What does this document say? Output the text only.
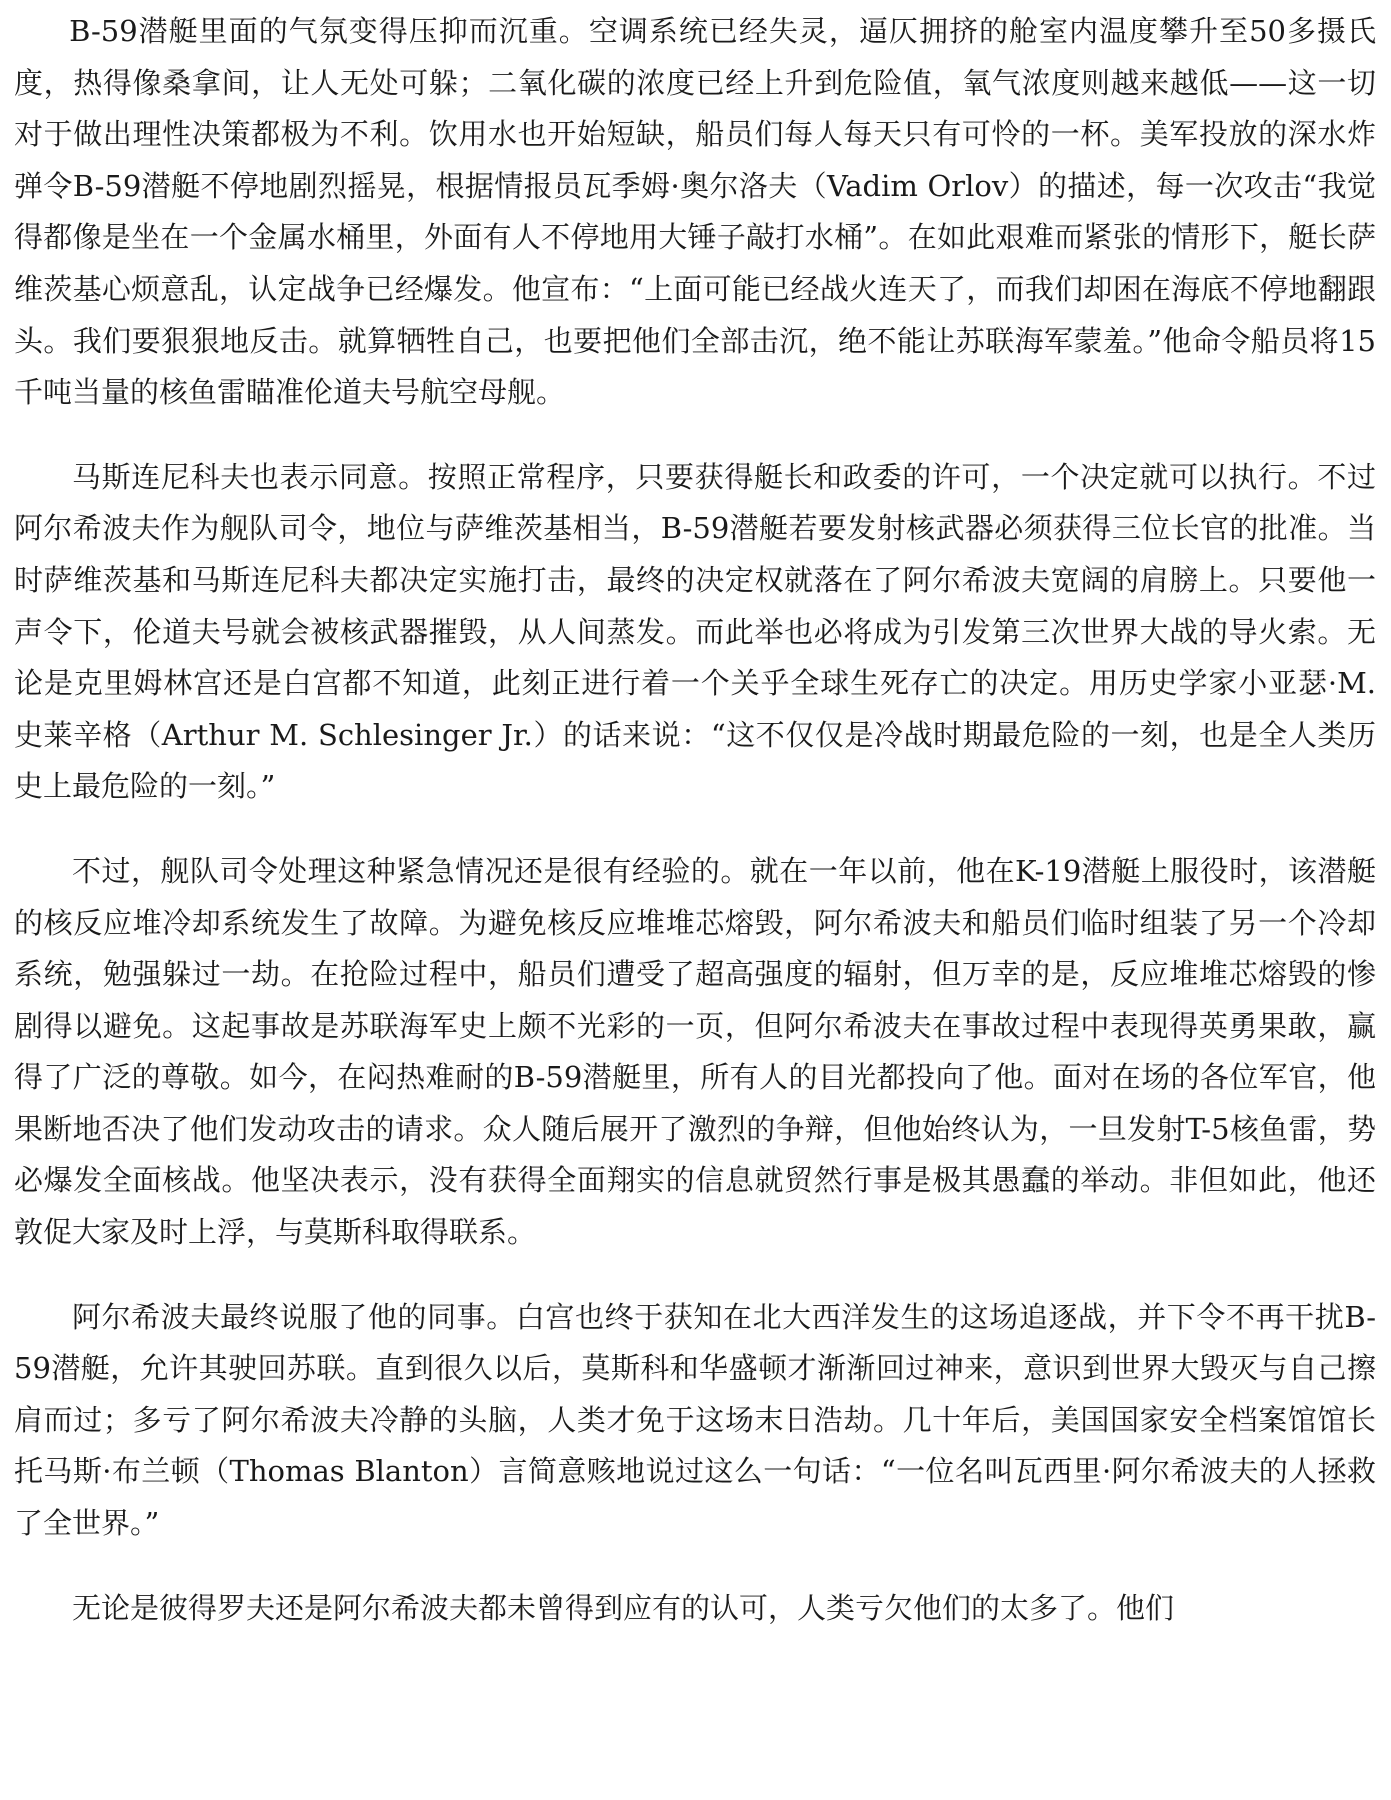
B-59潜艇里面的气氛变得压抑而沉重。空调系统已经失灵，逼仄拥挤的舱室内温度攀升至50多摄氏度，热得像桑拿间，让人无处可躲；二氧化碳的浓度已经上升到危险值，氧气浓度则越来越低——这一切对于做出理性决策都极为不利。饮用水也开始短缺，船员们每人每天只有可怜的一杯。美军投放的深水炸弹令B-59潜艇不停地剧烈摇晃，根据情报员瓦季姆·奥尔洛夫（Vadim Orlov）的描述，每一次攻击“我觉得都像是坐在一个金属水桶里，外面有人不停地用大锤子敲打水桶”。在如此艰难而紧张的情形下，艇长萨维茨基心烦意乱，认定战争已经爆发。他宣布：“上面可能已经战火连天了，而我们却困在海底不停地翻跟头。我们要狠狠地反击。就算牺牲自己，也要把他们全部击沉，绝不能让苏联海军蒙羞。”他命令船员将15千吨当量的核鱼雷瞄准伦道夫号航空母舰。

马斯连尼科夫也表示同意。按照正常程序，只要获得艇长和政委的许可，一个决定就可以执行。不过阿尔希波夫作为舰队司令，地位与萨维茨基相当，B-59潜艇若要发射核武器必须获得三位长官的批准。当时萨维茨基和马斯连尼科夫都决定实施打击，最终的决定权就落在了阿尔希波夫宽阔的肩膀上。只要他一声令下，伦道夫号就会被核武器摧毁，从人间蒸发。而此举也必将成为引发第三次世界大战的导火索。无论是克里姆林宫还是白宫都不知道，此刻正进行着一个关乎全球生死存亡的决定。用历史学家小亚瑟·M. 史莱辛格（Arthur M. Schlesinger Jr.）的话来说：“这不仅仅是冷战时期最危险的一刻，也是全人类历史上最危险的一刻。”

不过，舰队司令处理这种紧急情况还是很有经验的。就在一年以前，他在K-19潜艇上服役时，该潜艇的核反应堆冷却系统发生了故障。为避免核反应堆堆芯熔毁，阿尔希波夫和船员们临时组装了另一个冷却系统，勉强躲过一劫。在抢险过程中，船员们遭受了超高强度的辐射，但万幸的是，反应堆堆芯熔毁的惨剧得以避免。这起事故是苏联海军史上颇不光彩的一页，但阿尔希波夫在事故过程中表现得英勇果敢，赢得了广泛的尊敬。如今，在闷热难耐的B-59潜艇里，所有人的目光都投向了他。面对在场的各位军官，他果断地否决了他们发动攻击的请求。众人随后展开了激烈的争辩，但他始终认为，一旦发射T-5核鱼雷，势必爆发全面核战。他坚决表示，没有获得全面翔实的信息就贸然行事是极其愚蠢的举动。非但如此，他还敦促大家及时上浮，与莫斯科取得联系。

阿尔希波夫最终说服了他的同事。白宫也终于获知在北大西洋发生的这场追逐战，并下令不再干扰B-59潜艇，允许其驶回苏联。直到很久以后，莫斯科和华盛顿才渐渐回过神来，意识到世界大毁灭与自己擦肩而过；多亏了阿尔希波夫冷静的头脑，人类才免于这场末日浩劫。几十年后，美国国家安全档案馆馆长托马斯·布兰顿（Thomas Blanton）言简意赅地说过这么一句话：“一位名叫瓦西里·阿尔希波夫的人拯救了全世界。”

无论是彼得罗夫还是阿尔希波夫都未曾得到应有的认可，人类亏欠他们的太多了。他们
